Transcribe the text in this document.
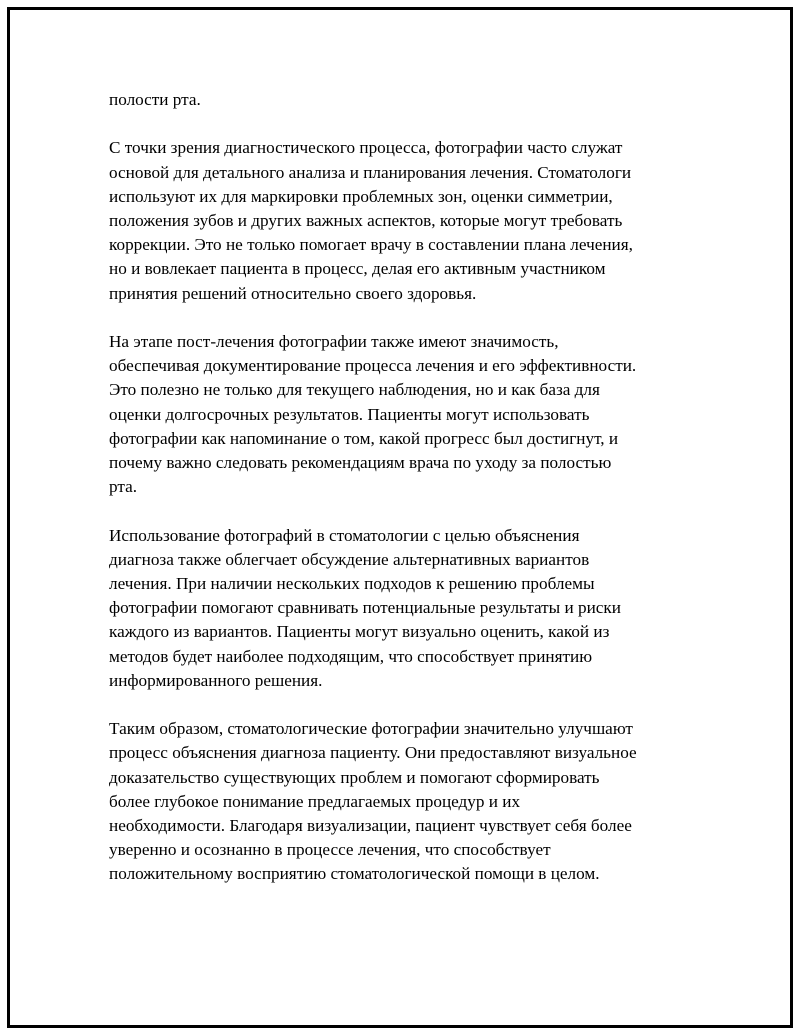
полости рта.
С точки зрения диагностического процесса, фотографии часто служат
основой для детального анализа и планирования лечения. Стоматологи
используют их для маркировки проблемных зон, оценки симметрии,
положения зубов и других важных аспектов, которые могут требовать
коррекции. Это не только помогает врачу в составлении плана лечения,
но и вовлекает пациента в процесс, делая его активным участником
принятия решений относительно своего здоровья.
На этапе пост-лечения фотографии также имеют значимость,
обеспечивая документирование процесса лечения и его эффективности.
Это полезно не только для текущего наблюдения, но и как база для
оценки долгосрочных результатов. Пациенты могут использовать
фотографии как напоминание о том, какой прогресс был достигнут, и
почему важно следовать рекомендациям врача по уходу за полостью
рта.
Использование фотографий в стоматологии с целью объяснения
диагноза также облегчает обсуждение альтернативных вариантов
лечения. При наличии нескольких подходов к решению проблемы
фотографии помогают сравнивать потенциальные результаты и риски
каждого из вариантов. Пациенты могут визуально оценить, какой из
методов будет наиболее подходящим, что способствует принятию
информированного решения.
Таким образом, стоматологические фотографии значительно улучшают
процесс объяснения диагноза пациенту. Они предоставляют визуальное
доказательство существующих проблем и помогают сформировать
более глубокое понимание предлагаемых процедур и их
необходимости. Благодаря визуализации, пациент чувствует себя более
уверенно и осознанно в процессе лечения, что способствует
положительному восприятию стоматологической помощи в целом.
